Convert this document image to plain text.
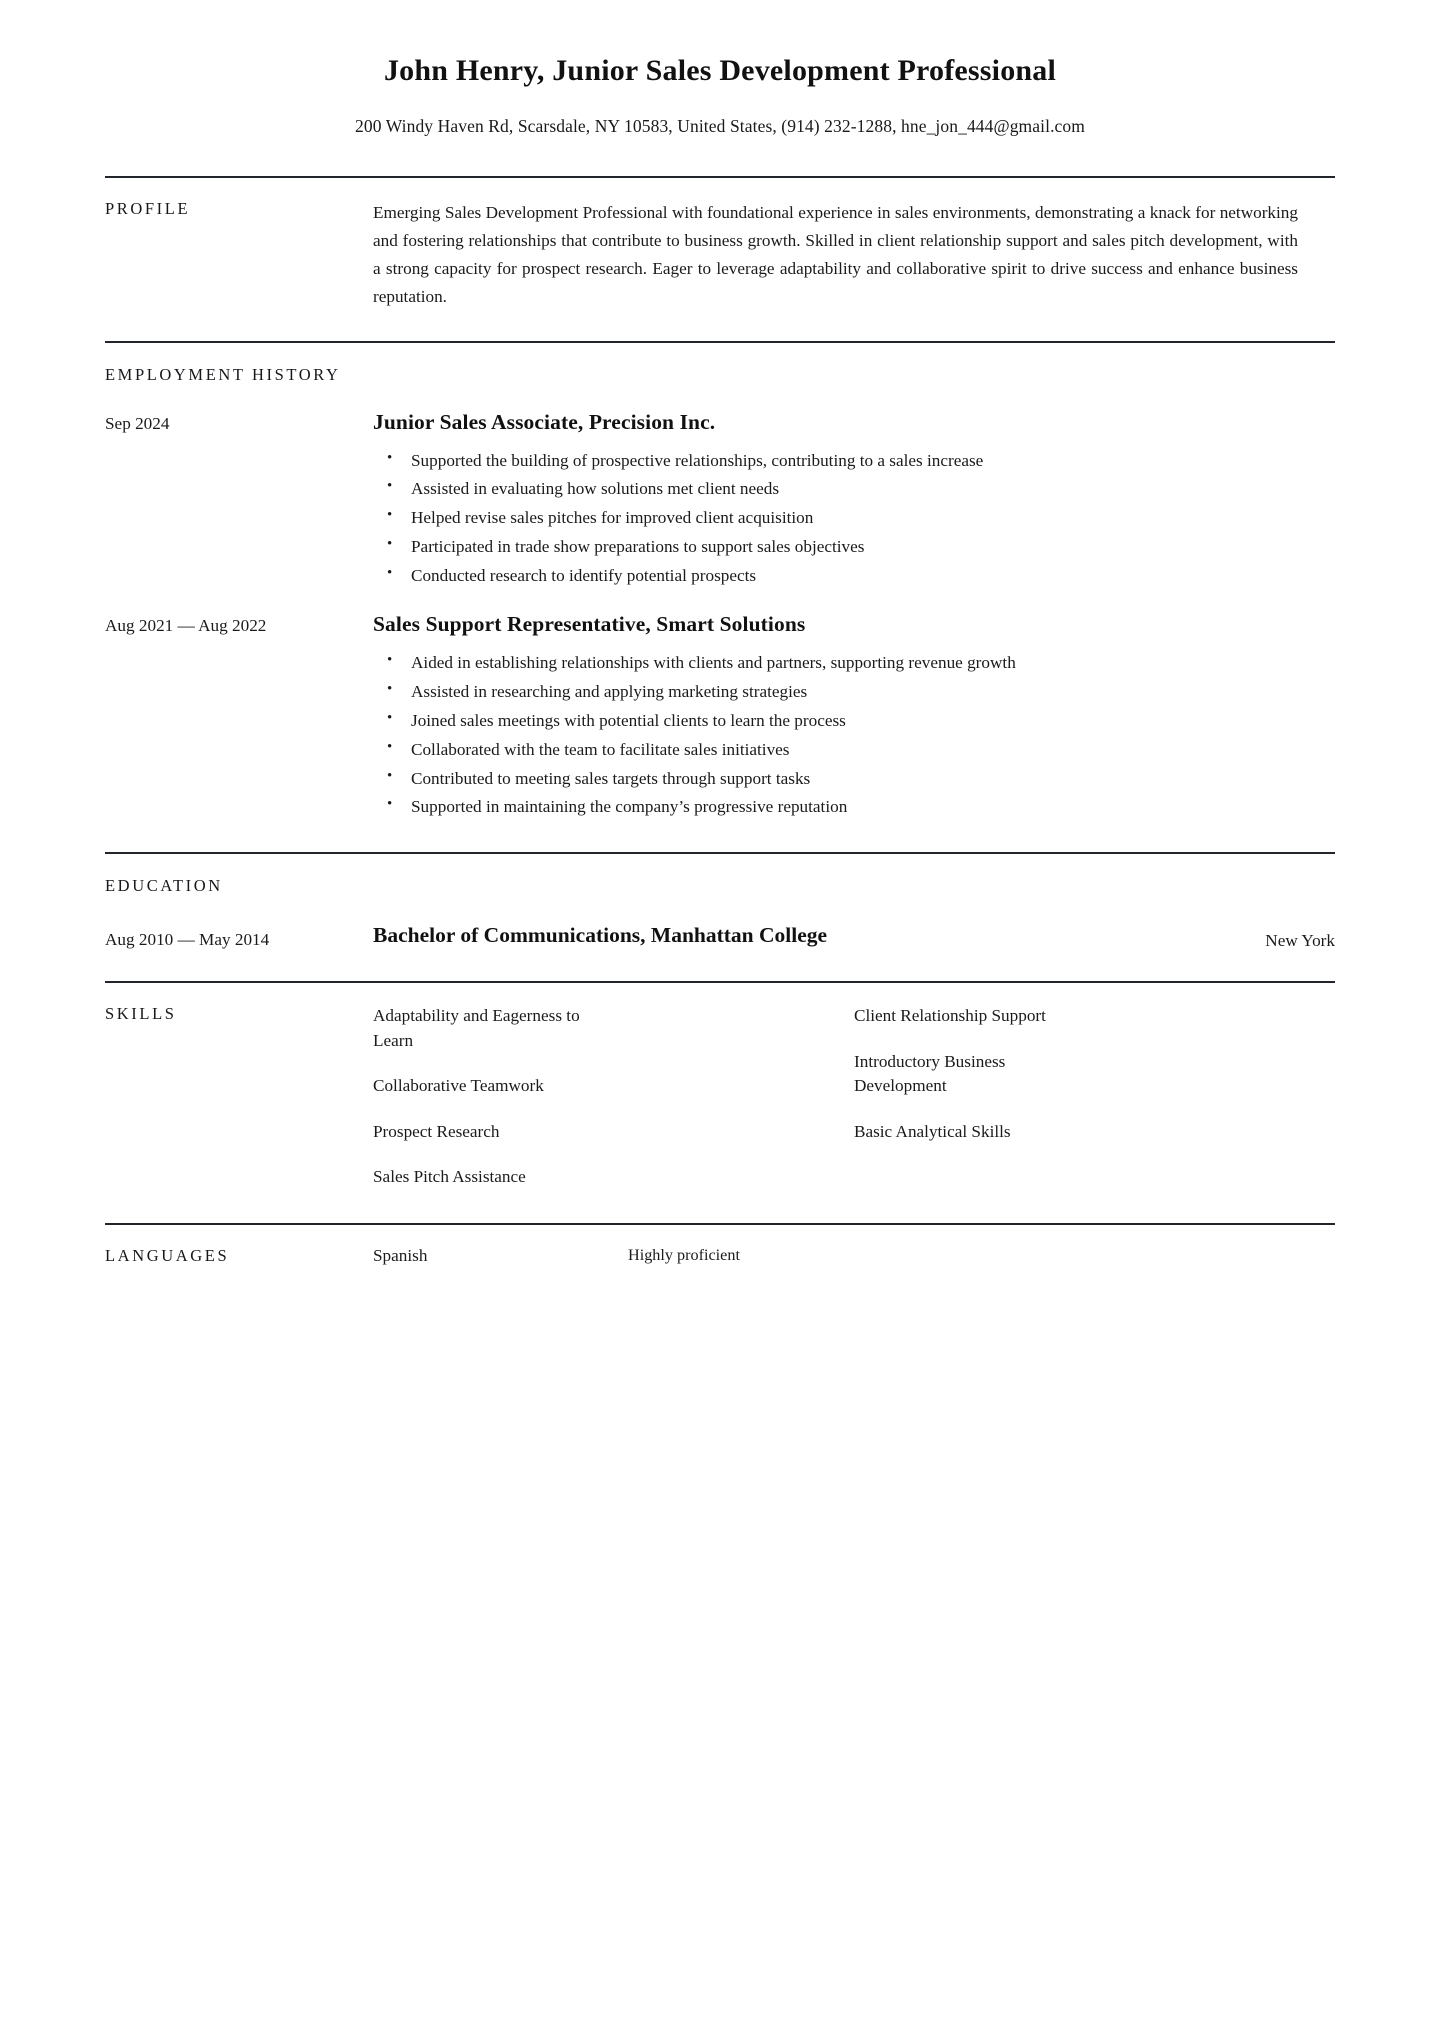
John Henry, Junior Sales Development Professional
200 Windy Haven Rd, Scarsdale, NY 10583, United States, (914) 232-1288, hne_jon_444@gmail.com
PROFILE	Emerging Sales Development Professional with foundational experience in sales environments, demonstrating a knack for networking and fostering relationships that contribute to business growth. Skilled in client relationship support and sales pitch development, with a strong capacity for prospect research. Eager to leverage adaptability and collaborative spirit to drive success and enhance business reputation.

EMPLOYMENT HISTORY
Sep 2024	Junior Sales Associate, Precision Inc.
• Supported the building of prospective relationships, contributing to a sales increase
• Assisted in evaluating how solutions met client needs
• Helped revise sales pitches for improved client acquisition
• Participated in trade show preparations to support sales objectives
• Conducted research to identify potential prospects
Aug 2021 — Aug 2022	Sales Support Representative, Smart Solutions
• Aided in establishing relationships with clients and partners, supporting revenue growth
• Assisted in researching and applying marketing strategies
• Joined sales meetings with potential clients to learn the process
• Collaborated with the team to facilitate sales initiatives
• Contributed to meeting sales targets through support tasks
• Supported in maintaining the company’s progressive reputation
EDUCATION
Aug 2010 — May 2014	Bachelor of Communications, Manhattan College	New York
SKILLS	Adaptability and Eagerness to Learn
Collaborative Teamwork
Prospect Research
Sales Pitch Assistance
Client Relationship Support
Introductory Business Development
Basic Analytical Skills
LANGUAGES	Spanish	Highly proficient
